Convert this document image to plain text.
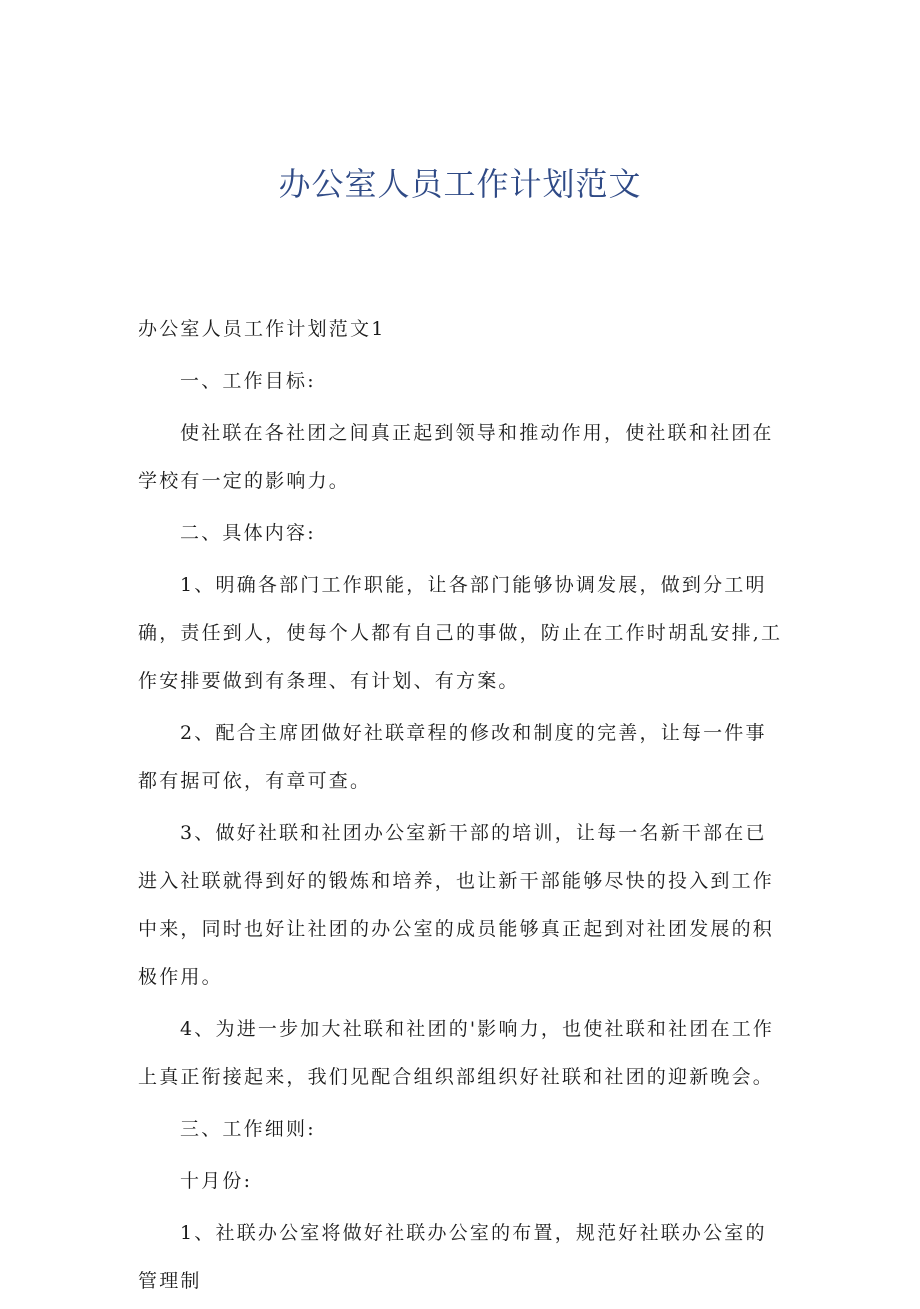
办公室人员工作计划范文

办公室人员工作计划范文1

一、工作目标:

使社联在各社团之间真正起到领导和推动作用，使社联和社团在学校有一定的影响力。

二、具体内容:

1、明确各部门工作职能，让各部门能够协调发展，做到分工明确，责任到人，使每个人都有自己的事做，防止在工作时胡乱安排,工作安排要做到有条理、有计划、有方案。

2、配合主席团做好社联章程的修改和制度的完善，让每一件事都有据可依，有章可查。

3、做好社联和社团办公室新干部的培训，让每一名新干部在已进入社联就得到好的锻炼和培养，也让新干部能够尽快的投入到工作中来，同时也好让社团的办公室的成员能够真正起到对社团发展的积极作用。

4、为进一步加大社联和社团的'影响力，也使社联和社团在工作上真正衔接起来，我们见配合组织部组织好社联和社团的迎新晚会。

三、工作细则:

十月份:

1、社联办公室将做好社联办公室的布置，规范好社联办公室的管理制
